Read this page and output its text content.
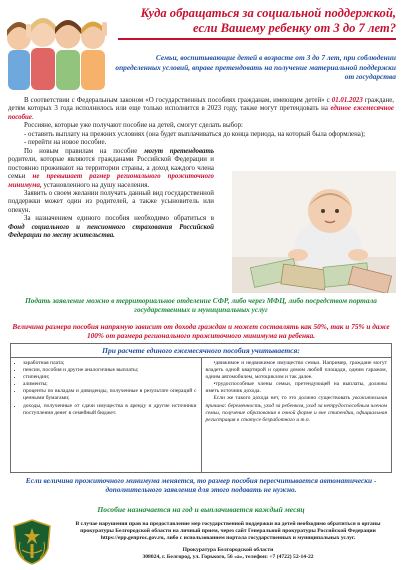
Куда обращаться за социальной поддержкой,
если Вашему ребенку от 3 до 7 лет?
Семьи, воспитывающие детей в возрасте от 3 до 7 лет, при соблюдении определенных условий, вправе претендовать на получение материальной поддержки от государства

В соответствии с Федеральным законом «О государственных пособиях гражданам, имеющим детей» с 01.01.2023 граждане, детям которых 3 года исполнилось или еще только исполнится в 2023 году, также могут претендовать на единое ежемесячное пособие.

Россияне, которые уже получают пособие на детей, смогут сделать выбор:

- оставить выплату на прежних условиях (она будет выплачиваться до конца периода, на который была оформлена);

- перейти на новое пособие.

По новым правилам на пособие могут претендовать родители, которые являются гражданами Российской Федерации и постоянно проживают на территории страны, а доход каждого члена семьи не превышает размер регионального прожиточного минимума, установленного на душу населения.

Заявить о своем желании получать данный вид государственной поддержки может один из родителей, а также усыновитель или опекун.

За назначением единого пособия необходимо обратиться в Фонд социального и пенсионного страхования Российской Федерации по месту жительства.

Подать заявление можно в территориальное отделение СФР, либо через МФЦ, либо посредством портала государственных и муниципальных услуг
Величина размера пособия напрямую зависит от дохода граждан и может составлять как 50%, так и 75% и даже 100% от размера регионального прожиточного минимума на ребенка.
При расчете единого ежемесячного пособия учитывается:
• заработная плата;
• пенсии, пособия и другие аналогичные выплаты;
• стипендии;
• алименты;
• проценты по вкладам и дивиденды, полученные в результате операций с ценными бумагами;
• доходы, полученные от сдачи имущества в аренду и другие источники поступления денег в семейный бюджет.

•движимое и недвижимое имущество семьи. Например, граждане могут владеть одной квартирой и одним домом любой площади, одним гаражом, одним автомобилем, мотоциклом и так далее.

•трудоспособные члены семьи, претендующей на выплаты, должны иметь источник дохода.

Если же такого дохода нет, то это должно существовать уважительная причина: беременность, уход за ребенком, уход за нетрудоспособным членом семьи, получение образования в очной форме и вне стипендии, официальная регистрация в статусе безработного и т.п.

Если величина прожиточного минимума меняется, то размер пособия пересчитывается автоматически - дополнительного заявления для этого подавать не нужно.
Пособие назначается на год и выплачивается каждый месяц

В случае нарушения прав на предоставление мер государственной поддержки на детей необходимо обратиться в органы прокуратуры Белгородской области на личный прием, через сайт Генеральной прокуратуры Российской Федерации https://epp.genproc.gov.ru, либо с использованием портала государственных и муниципальных услуг.

Прокуратура Белгородской области

308024, г. Белгород, ул. Горького, 56 «а», телефон: +7 (4722) 52-14-22
